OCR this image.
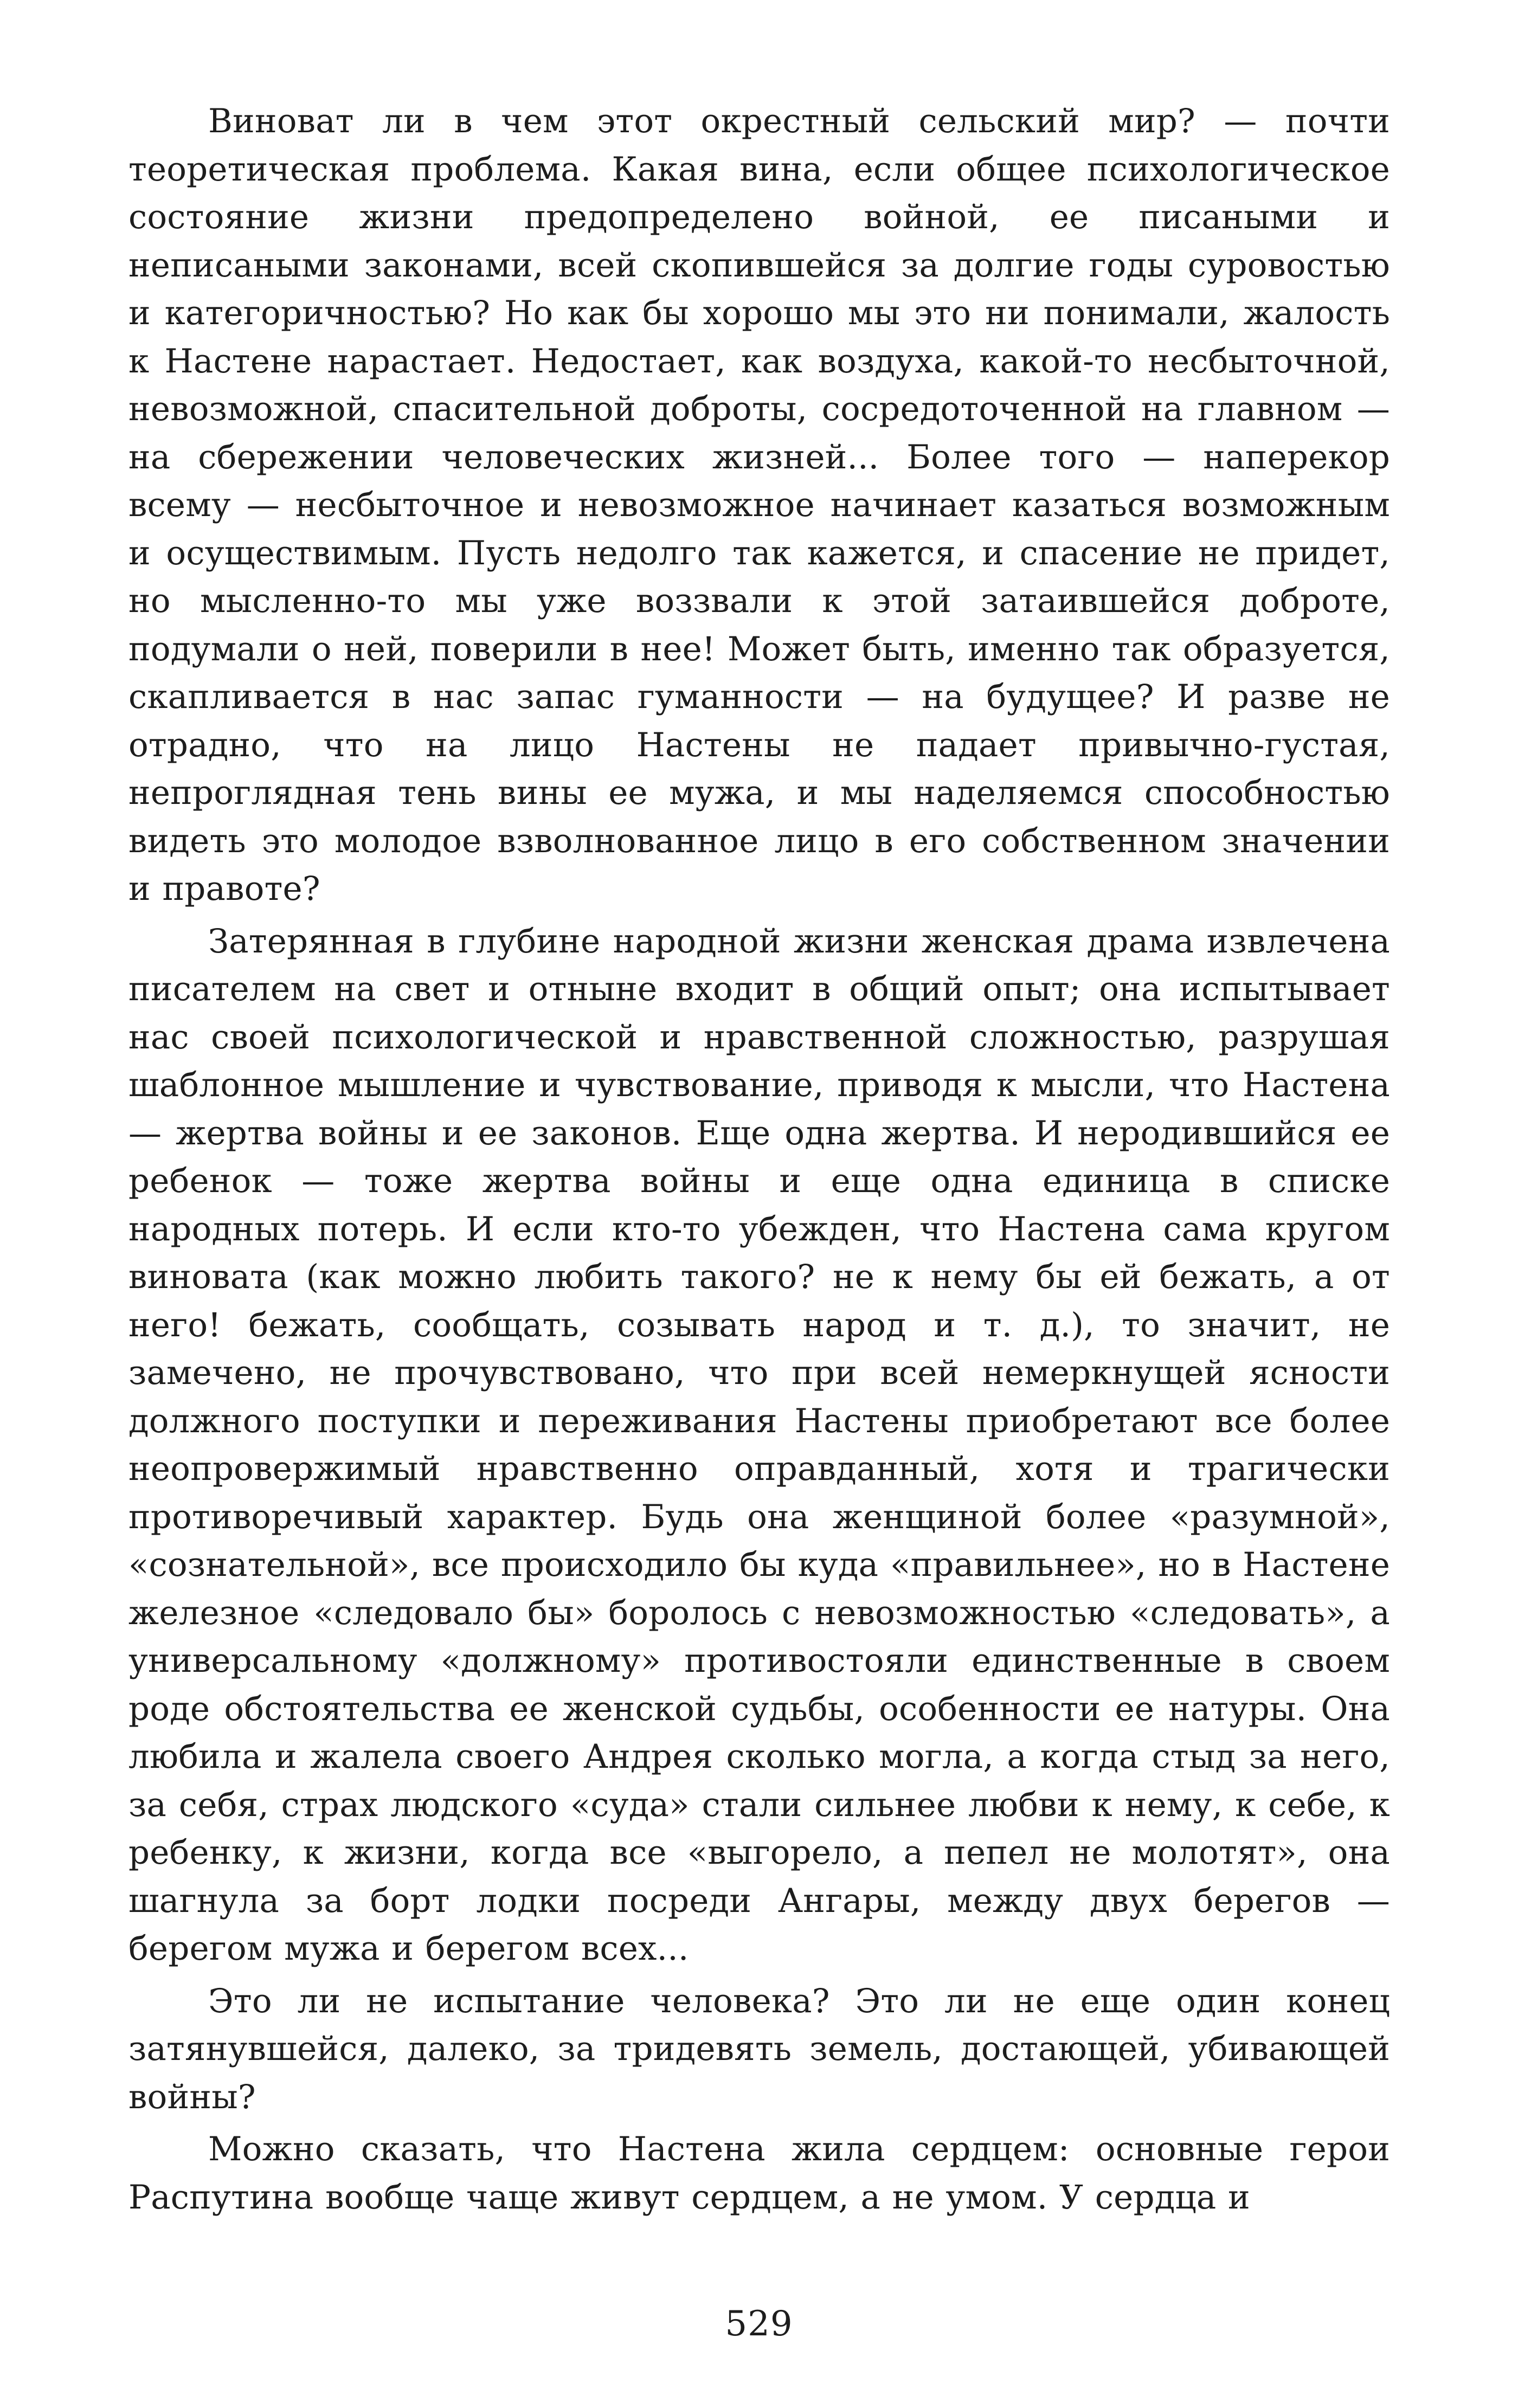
Виноват ли в чем этот окрестный сельский мир? — почти теоретическая проблема. Какая вина, если общее психологическое состояние жизни предопределено войной, ее писаными и неписаными законами, всей скопившейся за долгие годы суровостью и категоричностью? Но как бы хорошо мы это ни понимали, жалость к Настене нарастает. Недостает, как воздуха, какой-то несбыточной, невозможной, спасительной доброты, сосредоточенной на главном — на сбережении человеческих жизней... Более того — наперекор всему — несбыточное и невозможное начинает казаться возможным и осуществимым. Пусть недолго так кажется, и спасение не придет, но мысленно-то мы уже воззвали к этой затаившейся доброте, подумали о ней, поверили в нее! Может быть, именно так образуется, скапливается в нас запас гуманности — на будущее? И разве не отрадно, что на лицо Настены не падает привычно-густая, непроглядная тень вины ее мужа, и мы наделяемся способностью видеть это молодое взволнованное лицо в его собственном значении и правоте?

Затерянная в глубине народной жизни женская драма извлечена писателем на свет и отныне входит в общий опыт; она испытывает нас своей психологической и нравственной сложностью, разрушая шаблонное мышление и чувствование, приводя к мысли, что Настена — жертва войны и ее законов. Еще одна жертва. И неродившийся ее ребенок — тоже жертва войны и еще одна единица в списке народных потерь. И если кто-то убежден, что Настена сама кругом виновата (как можно любить такого? не к нему бы ей бежать, а от него! бежать, сообщать, созывать народ и т. д.), то значит, не замечено, не прочувствовано, что при всей немеркнущей ясности должного поступки и переживания Настены приобретают все более неопровержимый нравственно оправданный, хотя и трагически противоречивый характер. Будь она женщиной более «разумной», «сознательной», все происходило бы куда «правильнее», но в Настене железное «следовало бы» боролось с невозможностью «следовать», а универсальному «должному» противостояли единственные в своем роде обстоятельства ее женской судьбы, особенности ее натуры. Она любила и жалела своего Андрея сколько могла, а когда стыд за него, за себя, страх людского «суда» стали сильнее любви к нему, к себе, к ребенку, к жизни, когда все «выгорело, а пепел не молотят», она шагнула за борт лодки посреди Ангары, между двух берегов — берегом мужа и берегом всех...

Это ли не испытание человека? Это ли не еще один конец затянувшейся, далеко, за тридевять земель, достающей, убивающей войны?

Можно сказать, что Настена жила сердцем: основные герои Распутина вообще чаще живут сердцем, а не умом. У сердца и

529
